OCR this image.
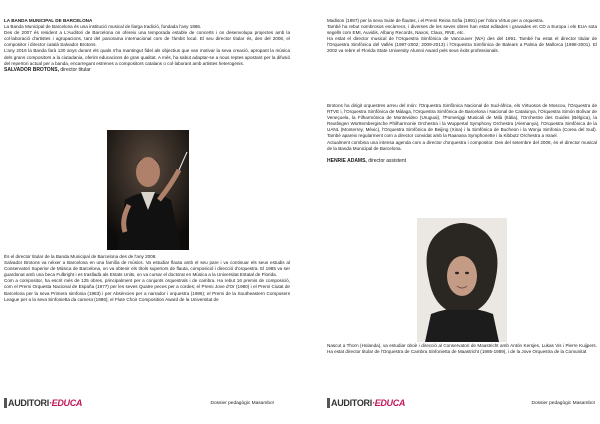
LA BANDA MUNICIPAL DE BARCELONA

La Banda Municipal de Barcelona és una institució musical de llarga tradició, fundada l'any 1886.

Des de 2007 és resident a L'Auditori de Barcelona on ofereix una temporada estable de concerts i on desenvolupa projectes amb la col·laboració d'artistes i agrupacions, tant del panorama internacional com de l'àmbit local. El seu director titular és, des del 2008, el compositor i director català Salvador Brotons.

L'any 2016 la Banda farà 130 anys durant els quals s'ha mantingut fidel als objectius que van motivar la seva creació, apropant la música dels grans compositors a la ciutadania, oferint educacions de gran qualitat. A més, ha sabut adaptar-se a nous reptes apostant per la difusió del repertori actual per a banda, encarregant estrenes a compositors catalans o col·laborant amb artistes heterogenis.

SALVADOR BROTONS, director titular

És el director titular de la Banda Municipal de Barcelona des de l'any 2008.

Salvador Brotons va néixer a Barcelona en una família de músics. Va estudiar flauta amb el seu pare i va continuar els seus estudis al Conservatori Superior de Música de Barcelona, on va obtenir els títols superiors de flauta, composició i direcció d'orquestra. El 1985 va ser guardonat amb una beca Fulbright i es traslladà als Estats Units, on va cursar el doctorat en Música a la Universitat Estatal de Florida.

Com a compositor, ha escrit més de 125 obres, principalment per a conjunts orquestrals i de cambra. Ha rebut 16 premis de composició, com el Premi Orquesta Nacional de España (1977) per les seves Quatre peces per a cordes; el Premi Jove d'Or (1980) i el Premi Ciutat de Barcelona per la seva Primera simfonia (1983) i per Absències per a narrador i orquestra (1986); el Premi de la Southeastern Composers League per a la seva Sinfonietta da camera (1986); el Flute Choir Composition Award de la Universitat de

AUDITORI·EDUCA	Dossier pedagògic Masambo!

Madison (1987) per la seva Suite de flautes, i el Premi Reina Sofia (1991) per l'obra Virtus per a orquestra.

També ha rebut nombrosos encàrrecs, i diverses de les seves obres han estat editades i gravades en CD a Europa i els EUA sota segells com EMI, Auvidis, Albany Records, Naxos, Claux, RNE, etc.

Ha estat el director musical de l'Orquestra Simfònica de Vancouver (WA) des del 1991. També ha estat el director titular de l'Orquestra Simfònica del Vallès (1997-2002; 2009-2013) i l'Orquestra Simfònica de Balears a Palma de Mallorca (1998-2001). El 2002 va rebre el Florida State University Alumni Award pels seus èxits professionals.

Brotons ha dirigit orquestres arreu del món: l'Orquestra Simfònica Nacional de Sud-àfrica, els Virtuosos de Moscou, l'Orquestra de RTVE i, l'Orquestra Simfònica de Màlaga, l'Orquestra Simfònica de Barcelona i Nacional de Catalunya, l'Orquestra Simón Bolívar de Veneçuela, la Filharmònica de Montevideo (Uruguai), l'Pomeriggi Musicali de Milà (Itàlia), l'Orchestre des Guides (Bèlgica), la Reutlingen Württembergische Philharmonie Orchestra i la Wuppertal Symphony Orchestra (Alemanya), l'Orquestra Simfònica de la UANL (Monterrey, Mèxic), l'Orquestra Simfònica de Beijing (Xina) i la Simfònica de Bucheon i la Wonju Simfonia (Corea del Sud). També apareix regularment com a director convidat amb la Raanana Symphonette i la Kibbutz Orchestra a Israel.

Actualment combina una intensa agenda com a director d'orquestra i compositor. Des del setembre del 2008, és el director musical de la Banda Municipal de Barcelona.

HENRIE ADAMS, director assistent

Nascut a Thorn (Holanda), va estudiar oboè i direcció al Conservatori de Maastricht amb Antón Kersjes, Lukas Vis i Pierre Kuijpers. Ha estat director titular de l'Orquestra de Cambra Sinfonietta de Maastricht (1985-1989), i de la Jove Orquestra de la Comunitat

AUDITORI·EDUCA	Dossier pedagògic Masambo!
